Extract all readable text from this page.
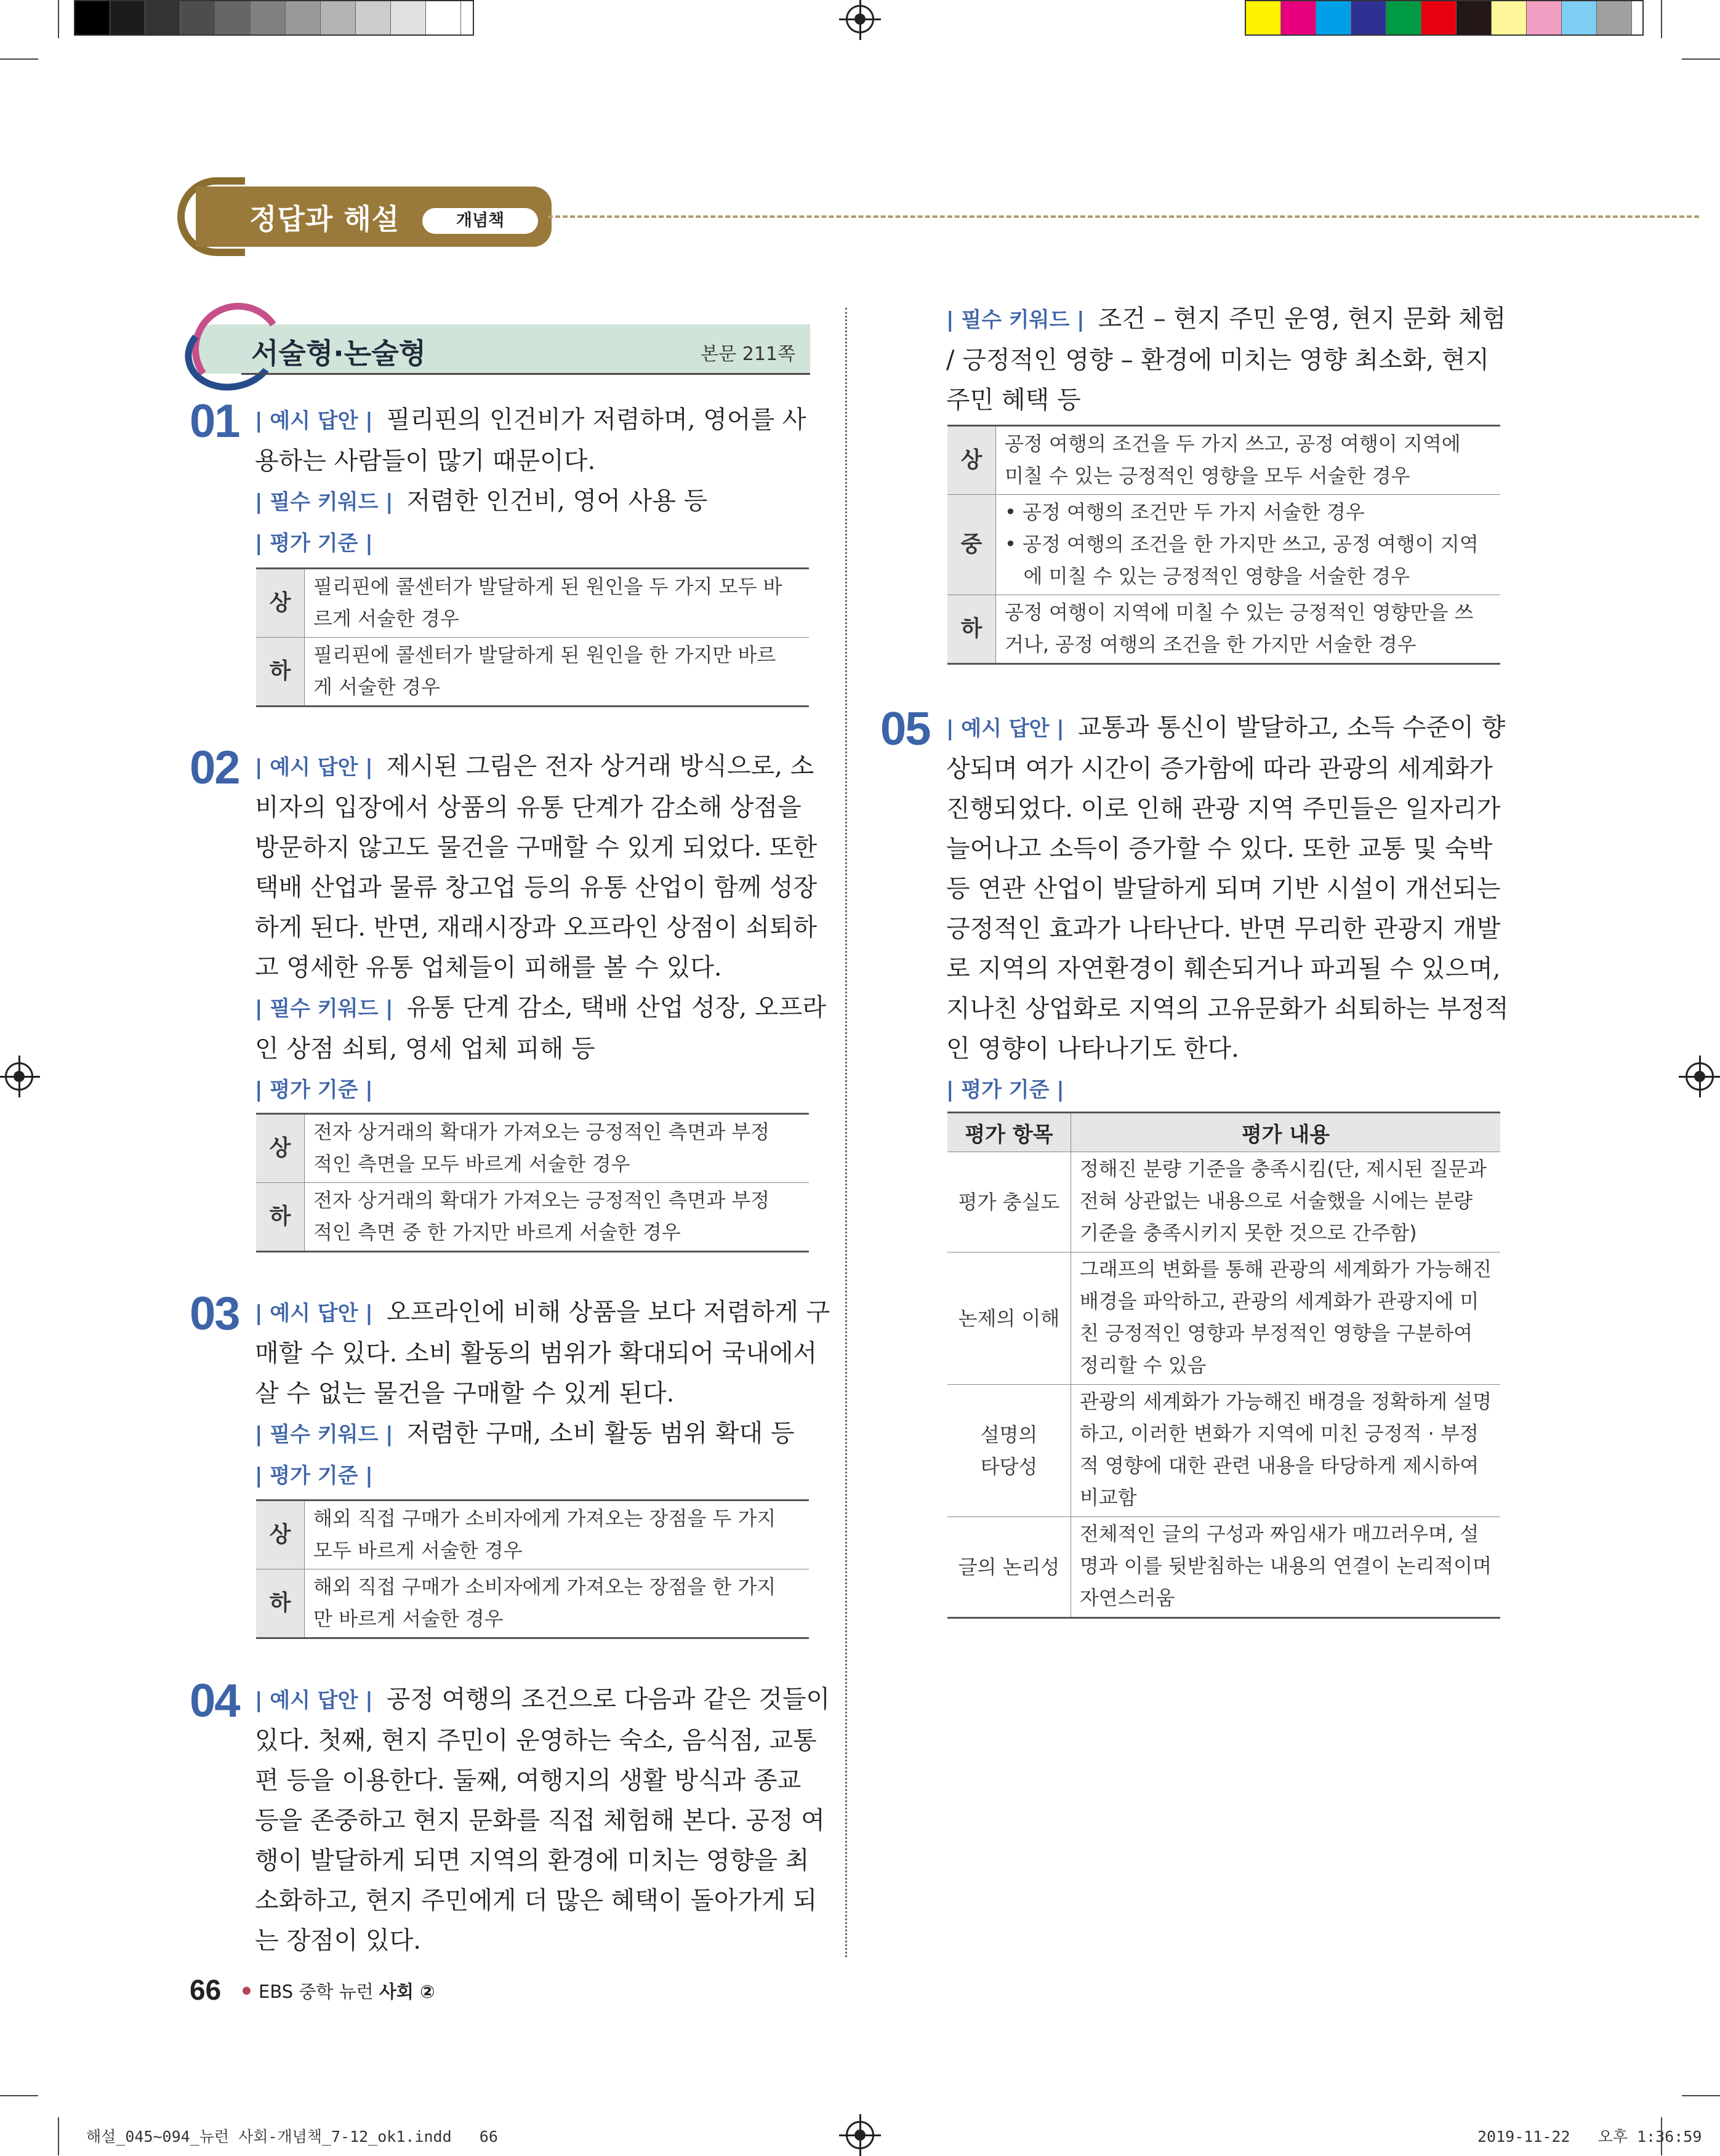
정답과 해설	개념책
서술형·논술형	본문 211쪽
01 | 예시 답안 | 필리핀의 인건비가 저렴하며, 영어를 사
용하는 사람들이 많기 때문이다.
| 필수 키워드 | 저렴한 인건비, 영어 사용 등
| 평가 기준 |
상	필리핀에 콜센터가 발달하게 된 원인을 두 가지 모두 바
르게 서술한 경우

하	필리핀에 콜센터가 발달하게 된 원인을 한 가지만 바르
게 서술한 경우
02 | 예시 답안 | 제시된 그림은 전자 상거래 방식으로, 소
비자의 입장에서 상품의 유통 단계가 감소해 상점을
방문하지 않고도 물건을 구매할 수 있게 되었다. 또한
택배 산업과 물류 창고업 등의 유통 산업이 함께 성장
하게 된다. 반면, 재래시장과 오프라인 상점이 쇠퇴하
고 영세한 유통 업체들이 피해를 볼 수 있다.
| 필수 키워드 | 유통 단계 감소, 택배 산업 성장, 오프라
인 상점 쇠퇴, 영세 업체 피해 등
| 평가 기준 |
상	전자 상거래의 확대가 가져오는 긍정적인 측면과 부정
적인 측면을 모두 바르게 서술한 경우

하	전자 상거래의 확대가 가져오는 긍정적인 측면과 부정
적인 측면 중 한 가지만 바르게 서술한 경우
03 | 예시 답안 | 오프라인에 비해 상품을 보다 저렴하게 구
매할 수 있다. 소비 활동의 범위가 확대되어 국내에서
살 수 없는 물건을 구매할 수 있게 된다.
| 필수 키워드 | 저렴한 구매, 소비 활동 범위 확대 등
| 평가 기준 |
상	해외 직접 구매가 소비자에게 가져오는 장점을 두 가지
모두 바르게 서술한 경우

하	해외 직접 구매가 소비자에게 가져오는 장점을 한 가지
만 바르게 서술한 경우
04 | 예시 답안 | 공정 여행의 조건으로 다음과 같은 것들이
있다. 첫째, 현지 주민이 운영하는 숙소, 음식점, 교통
편 등을 이용한다. 둘째, 여행지의 생활 방식과 종교
등을 존중하고 현지 문화를 직접 체험해 본다. 공정 여
행이 발달하게 되면 지역의 환경에 미치는 영향을 최
소화하고, 현지 주민에게 더 많은 혜택이 돌아가게 되
는 장점이 있다.
| 필수 키워드 | 조건 – 현지 주민 운영, 현지 문화 체험
/ 긍정적인 영향 – 환경에 미치는 영향 최소화, 현지
주민 혜택 등
상	공정 여행의 조건을 두 가지 쓰고, 공정 여행이 지역에
미칠 수 있는 긍정적인 영향을 모두 서술한 경우

중	• 공정 여행의 조건만 두 가지 서술한 경우
• 공정 여행의 조건을 한 가지만 쓰고, 공정 여행이 지역
에 미칠 수 있는 긍정적인 영향을 서술한 경우

하	공정 여행이 지역에 미칠 수 있는 긍정적인 영향만을 쓰
거나, 공정 여행의 조건을 한 가지만 서술한 경우
05 | 예시 답안 | 교통과 통신이 발달하고, 소득 수준이 향
상되며 여가 시간이 증가함에 따라 관광의 세계화가
진행되었다. 이로 인해 관광 지역 주민들은 일자리가
늘어나고 소득이 증가할 수 있다. 또한 교통 및 숙박
등 연관 산업이 발달하게 되며 기반 시설이 개선되는
긍정적인 효과가 나타난다. 반면 무리한 관광지 개발
로 지역의 자연환경이 훼손되거나 파괴될 수 있으며,
지나친 상업화로 지역의 고유문화가 쇠퇴하는 부정적
인 영향이 나타나기도 한다.
| 평가 기준 |
평가 항목	평가 내용

평가 충실도	정해진 분량 기준을 충족시킴(단, 제시된 질문과
전혀 상관없는 내용으로 서술했을 시에는 분량
기준을 충족시키지 못한 것으로 간주함)

논제의 이해	그래프의 변화를 통해 관광의 세계화가 가능해진
배경을 파악하고, 관광의 세계화가 관광지에 미
친 긍정적인 영향과 부정적인 영향을 구분하여
정리할 수 있음

설명의
타당성	관광의 세계화가 가능해진 배경을 정확하게 설명
하고, 이러한 변화가 지역에 미친 긍정적 · 부정
적 영향에 대한 관련 내용을 타당하게 제시하여
비교함

글의 논리성	전체적인 글의 구성과 짜임새가 매끄러우며, 설
명과 이를 뒷받침하는 내용의 연결이 논리적이며
자연스러움
66 EBS 중학 뉴런 사회 ②
해설_045~094_뉴런 사회-개념책_7-12_ok1.indd   66	2019-11-22   오후 1:36:59
